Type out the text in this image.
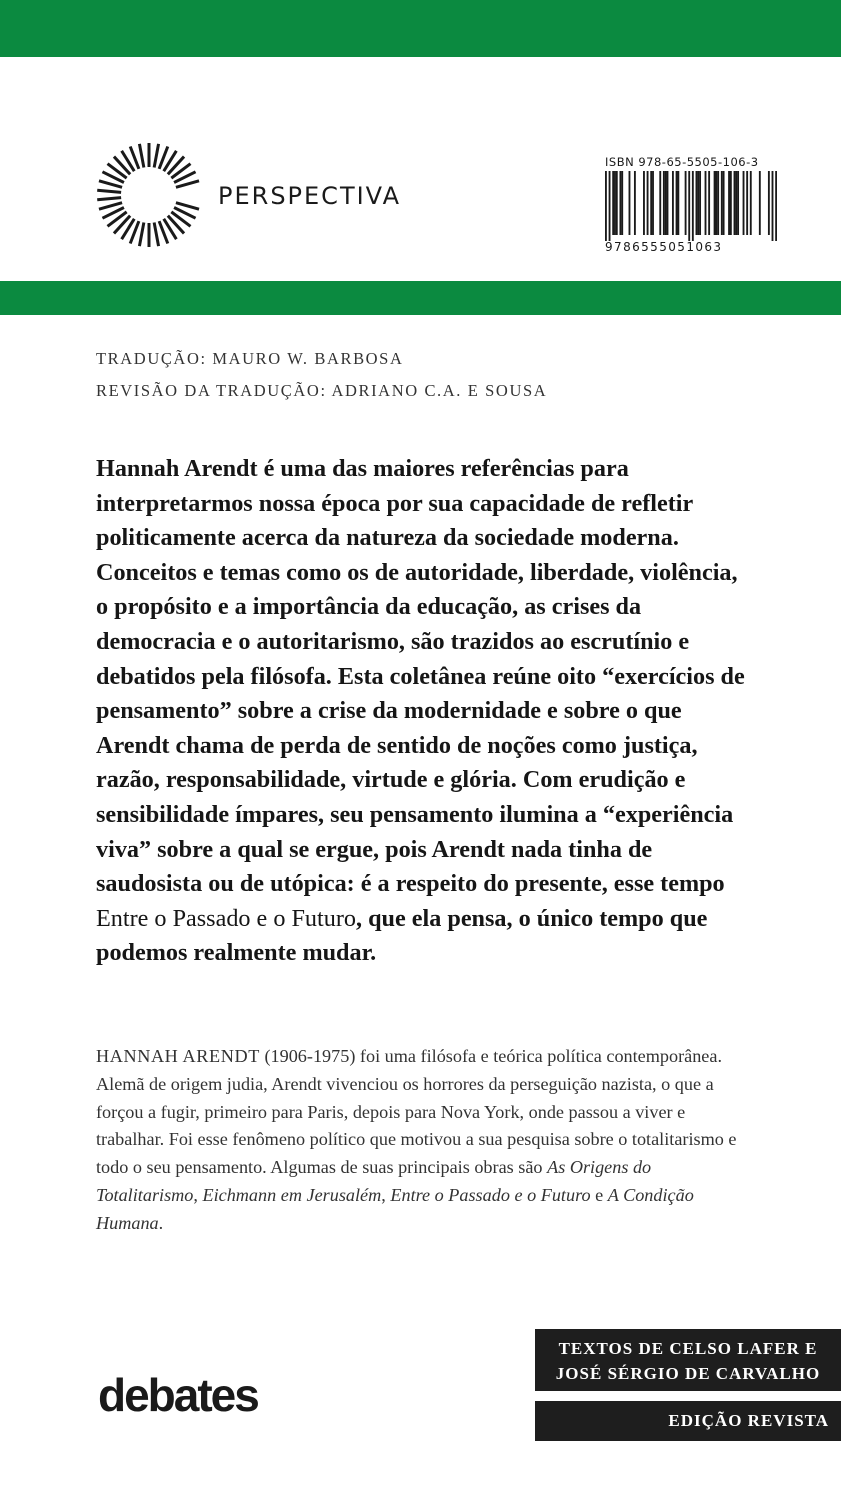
PERSPECTIVA
ISBN 978-65-5505-106-3
9786555051063
TRADUÇÃO: MAURO W. BARBOSA
REVISÃO DA TRADUÇÃO: ADRIANO C.A. E SOUSA

Hannah Arendt é uma das maiores referências para interpretarmos nossa época por sua capacidade de refletir politicamente acerca da natureza da sociedade moderna. Conceitos e temas como os de autoridade, liberdade, violência, o propósito e a importância da educação, as crises da democracia e o autoritarismo, são trazidos ao escrutínio e debatidos pela filósofa. Esta coletânea reúne oito “exercícios de pensamento” sobre a crise da modernidade e sobre o que Arendt chama de perda de sentido de noções como justiça, razão, responsabilidade, virtude e glória. Com erudição e sensibilidade ímpares, seu pensamento ilumina a “experiência viva” sobre a qual se ergue, pois Arendt nada tinha de saudosista ou de utópica: é a respeito do presente, esse tempo Entre o Passado e o Futuro, que ela pensa, o único tempo que podemos realmente mudar.

HANNAH ARENDT (1906-1975) foi uma filósofa e teórica política contemporânea. Alemã de origem judia, Arendt vivenciou os horrores da perseguição nazista, o que a forçou a fugir, primeiro para Paris, depois para Nova York, onde passou a viver e trabalhar. Foi esse fenômeno político que motivou a sua pesquisa sobre o totalitarismo e todo o seu pensamento. Algumas de suas principais obras são As Origens do Totalitarismo, Eichmann em Jerusalém, Entre o Passado e o Futuro e A Condição Humana.

debates
TEXTOS DE CELSO LAFER E
JOSÉ SÉRGIO DE CARVALHO
EDIÇÃO REVISTA
